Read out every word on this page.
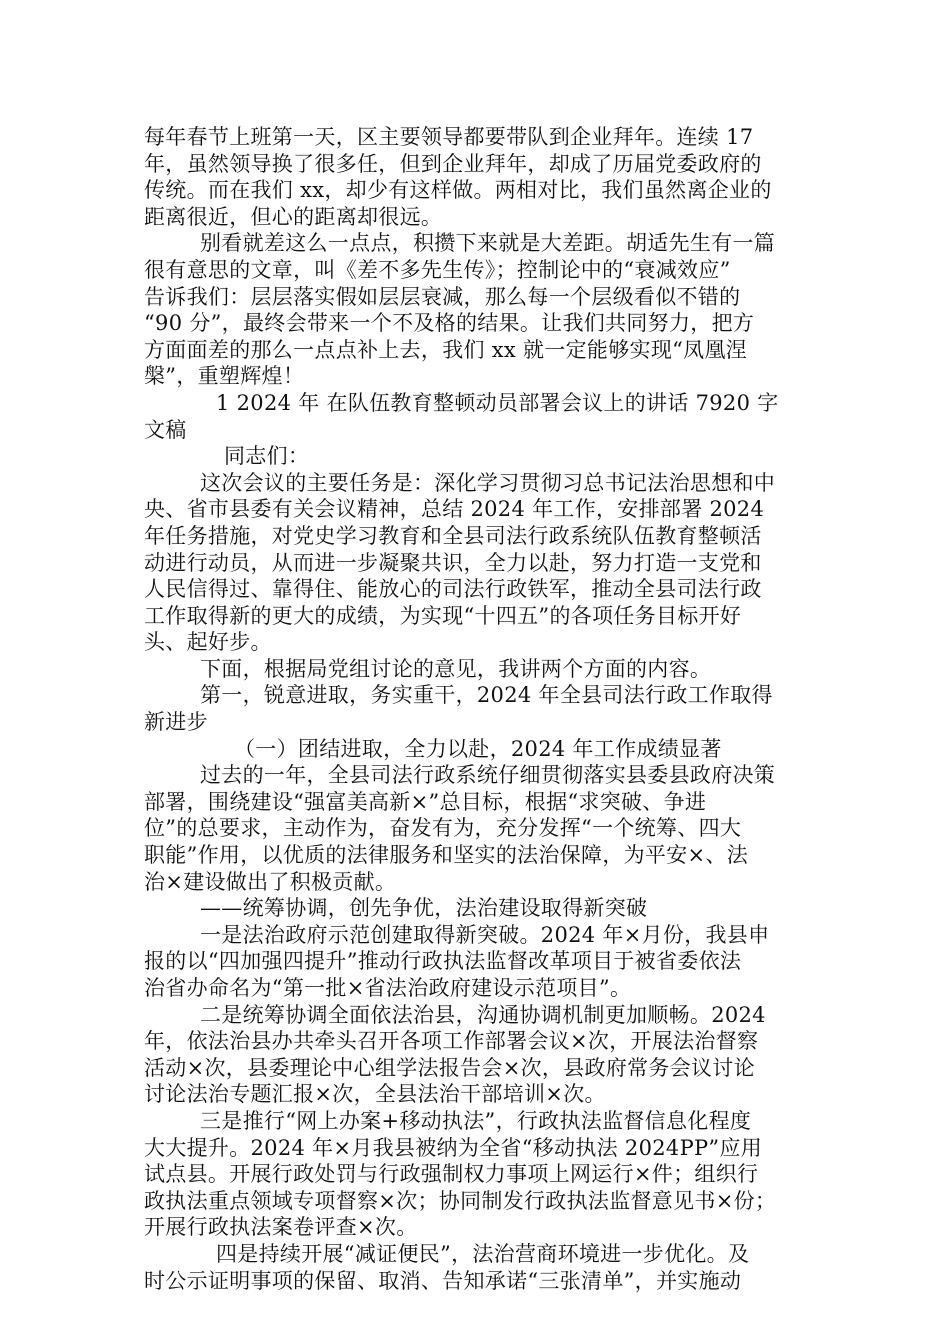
每年春节上班第一天，区主要领导都要带队到企业拜年。连续 17
年，虽然领导换了很多任，但到企业拜年，却成了历届党委政府的
传统。而在我们 xx，却少有这样做。两相对比，我们虽然离企业的
距离很近，但心的距离却很远。

别看就差这么一点点，积攒下来就是大差距。胡适先生有一篇
很有意思的文章，叫《差不多先生传》；控制论中的“衰减效应”
告诉我们：层层落实假如层层衰减，那么每一个层级看似不错的
“90 分”，最终会带来一个不及格的结果。让我们共同努力，把方
方面面差的那么一点点补上去，我们 xx 就一定能够实现“凤凰涅
槃”，重塑辉煌！

1 2024 年 在队伍教育整顿动员部署会议上的讲话 7920 字
文稿

同志们：

这次会议的主要任务是：深化学习贯彻习总书记法治思想和中
央、省市县委有关会议精神，总结 2024 年工作，安排部署 2024
年任务措施，对党史学习教育和全县司法行政系统队伍教育整顿活
动进行动员，从而进一步凝聚共识，全力以赴，努力打造一支党和
人民信得过、靠得住、能放心的司法行政铁军，推动全县司法行政
工作取得新的更大的成绩，为实现“十四五”的各项任务目标开好
头、起好步。

下面，根据局党组讨论的意见，我讲两个方面的内容。

第一，锐意进取，务实重干，2024 年全县司法行政工作取得
新进步

（一）团结进取，全力以赴，2024 年工作成绩显著

过去的一年，全县司法行政系统仔细贯彻落实县委县政府决策
部署，围绕建设“强富美高新×”总目标，根据“求突破、争进
位”的总要求，主动作为，奋发有为，充分发挥“一个统筹、四大
职能”作用，以优质的法律服务和坚实的法治保障，为平安×、法
治×建设做出了积极贡献。

——统筹协调，创先争优，法治建设取得新突破

一是法治政府示范创建取得新突破。2024 年×月份，我县申
报的以“四加强四提升”推动行政执法监督改革项目于被省委依法
治省办命名为“第一批×省法治政府建设示范项目”。

二是统筹协调全面依法治县，沟通协调机制更加顺畅。2024
年，依法治县办共牵头召开各项工作部署会议×次，开展法治督察
活动×次，县委理论中心组学法报告会×次，县政府常务会议讨论
讨论法治专题汇报×次，全县法治干部培训×次。

三是推行“网上办案+移动执法”，行政执法监督信息化程度
大大提升。2024 年×月我县被纳为全省“移动执法 2024PP”应用
试点县。开展行政处罚与行政强制权力事项上网运行×件；组织行
政执法重点领域专项督察×次；协同制发行政执法监督意见书×份；
开展行政执法案卷评查×次。

四是持续开展“减证便民”，法治营商环境进一步优化。及
时公示证明事项的保留、取消、告知承诺“三张清单”，并实施动
